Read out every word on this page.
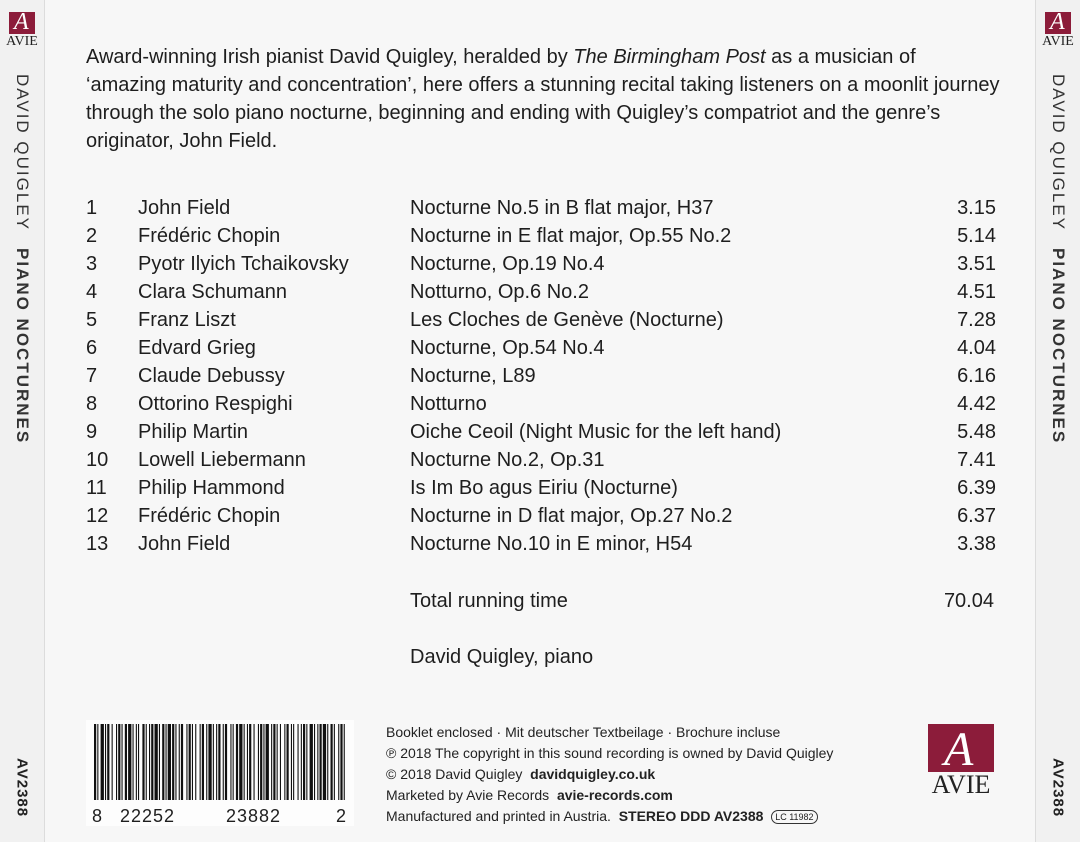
A
AVIE
DAVID QUIGLEY PIANO NOCTURNES
AV2388
A
AVIE
DAVID QUIGLEY PIANO NOCTURNES
AV2388
Award-winning Irish pianist David Quigley, heralded by The Birmingham Post as a musician of ‘amazing maturity and concentration’, here offers a stunning recital taking listeners on a moonlit journey through the solo piano nocturne, beginning and ending with Quigley’s compatriot and the genre’s originator, John Field.
1 John Field	Nocturne No.5 in B flat major, H37	3.15
2 Frédéric Chopin	Nocturne in E flat major, Op.55 No.2	5.14
3 Pyotr Ilyich Tchaikovsky	Nocturne, Op.19 No.4	3.51
4 Clara Schumann	Notturno, Op.6 No.2	4.51
5 Franz Liszt	Les Cloches de Genève (Nocturne)	7.28
6 Edvard Grieg	Nocturne, Op.54 No.4	4.04
7 Claude Debussy	Nocturne, L89	6.16
8 Ottorino Respighi	Notturno	4.42
9 Philip Martin	Oiche Ceoil (Night Music for the left hand)	5.48
10 Lowell Liebermann	Nocturne No.2, Op.31	7.41
11 Philip Hammond	Is Im Bo agus Eiriu (Nocturne)	6.39
12 Frédéric Chopin	Nocturne in D flat major, Op.27 No.2	6.37
13 John Field	Nocturne No.10 in E minor, H54	3.38
Total running time	70.04
David Quigley, piano
8 22252	23882	2
Booklet enclosed · Mit deutscher Textbeilage · Brochure incluse
℗ 2018 The copyright in this sound recording is owned by David Quigley
© 2018 David Quigley davidquigley.co.uk
Marketed by Avie Records avie-records.com
Manufactured and printed in Austria. STEREO DDD AV2388 LC 11982
A
AVIE
